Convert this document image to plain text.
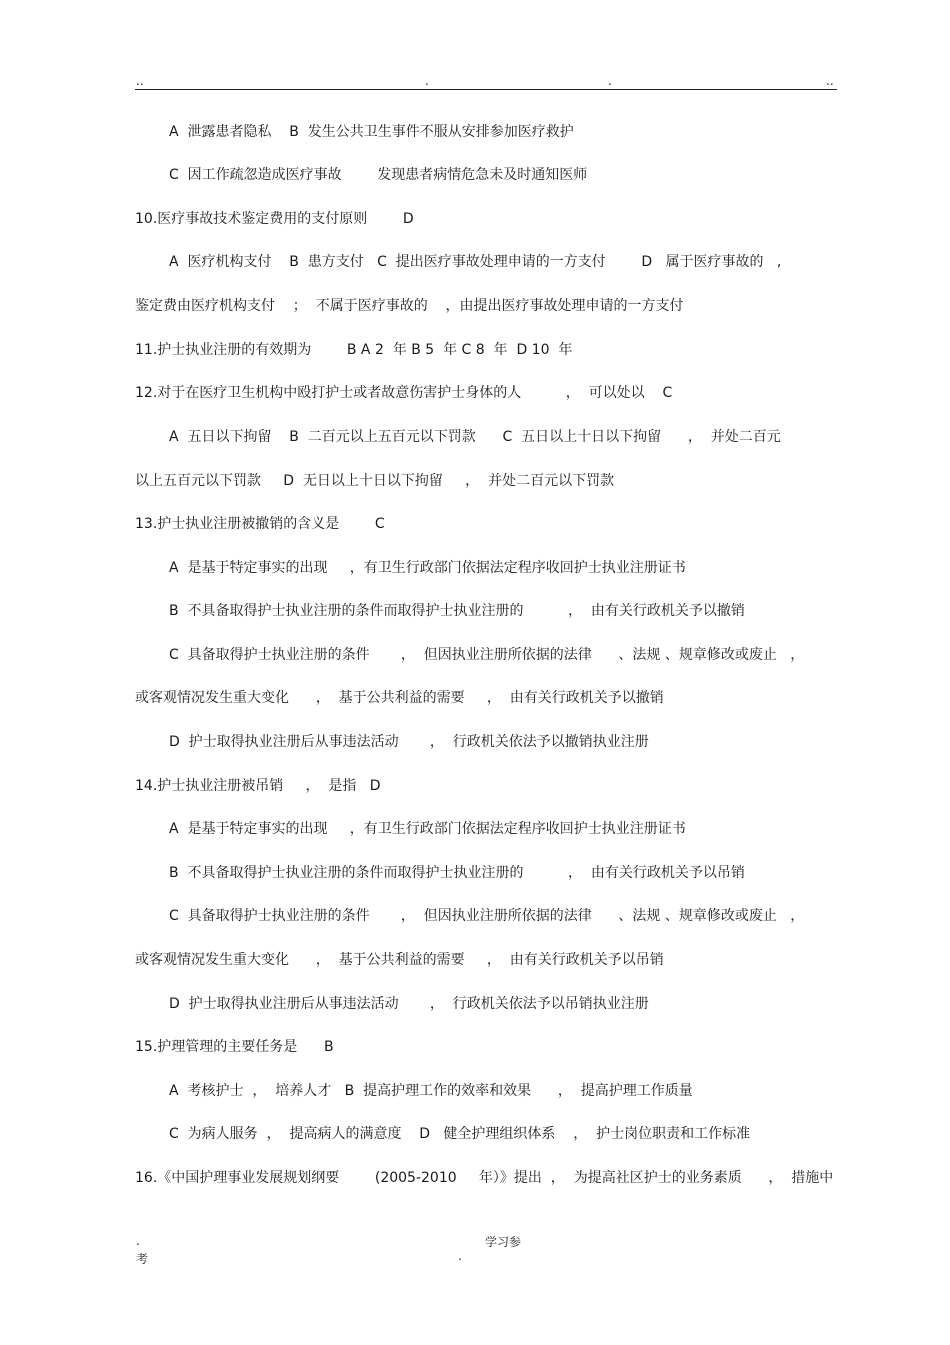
..	.	.	..
A  泄露患者隐私    B  发生公共卫生事件不服从安排参加医疗救护
C  因工作疏忽造成医疗事故        发现患者病情危急未及时通知医师
10.医疗事故技术鉴定费用的支付原则        D
A  医疗机构支付    B  患方支付   C  提出医疗事故处理申请的一方支付        D   属于医疗事故的   ,
鉴定费由医疗机构支付    ；  不属于医疗事故的    ，由提出医疗事故处理申请的一方支付
11.护士执业注册的有效期为        B A 2  年 B 5  年 C 8  年  D 10  年
12.对于在医疗卫生机构中殴打护士或者故意伤害护士身体的人          ，  可以处以    C
A  五日以下拘留    B  二百元以上五百元以下罚款      C  五日以上十日以下拘留      ，  并处二百元
以上五百元以下罚款     D  无日以上十日以下拘留     ，  并处二百元以下罚款
13.护士执业注册被撤销的含义是        C
A  是基于特定事实的出现     ，有卫生行政部门依据法定程序收回护士执业注册证书
B  不具备取得护士执业注册的条件而取得护士执业注册的          ，  由有关行政机关予以撤销
C  具备取得护士执业注册的条件       ，  但因执业注册所依据的法律      、法规 、规章修改或废止   ，
或客观情况发生重大变化      ，  基于公共利益的需要     ，  由有关行政机关予以撤销
D  护士取得执业注册后从事违法活动       ，  行政机关依法予以撤销执业注册
14.护士执业注册被吊销     ，  是指   D
A  是基于特定事实的出现     ，有卫生行政部门依据法定程序收回护士执业注册证书
B  不具备取得护士执业注册的条件而取得护士执业注册的          ，  由有关行政机关予以吊销
C  具备取得护士执业注册的条件       ，  但因执业注册所依据的法律      、法规 、规章修改或废止   ，
或客观情况发生重大变化      ，  基于公共利益的需要     ，  由有关行政机关予以吊销
D  护士取得执业注册后从事违法活动       ，  行政机关依法予以吊销执业注册
15.护理管理的主要任务是      B
A  考核护士  ，  培养人才   B  提高护理工作的效率和效果      ，  提高护理工作质量
C  为病人服务  ，  提高病人的满意度    D   健全护理组织体系    ，  护士岗位职责和工作标准
16.《中国护理事业发展规划纲要        (2005-2010     年）》提出  ，  为提高社区护士的业务素质      ，  措施中
.	学习参
考	.
